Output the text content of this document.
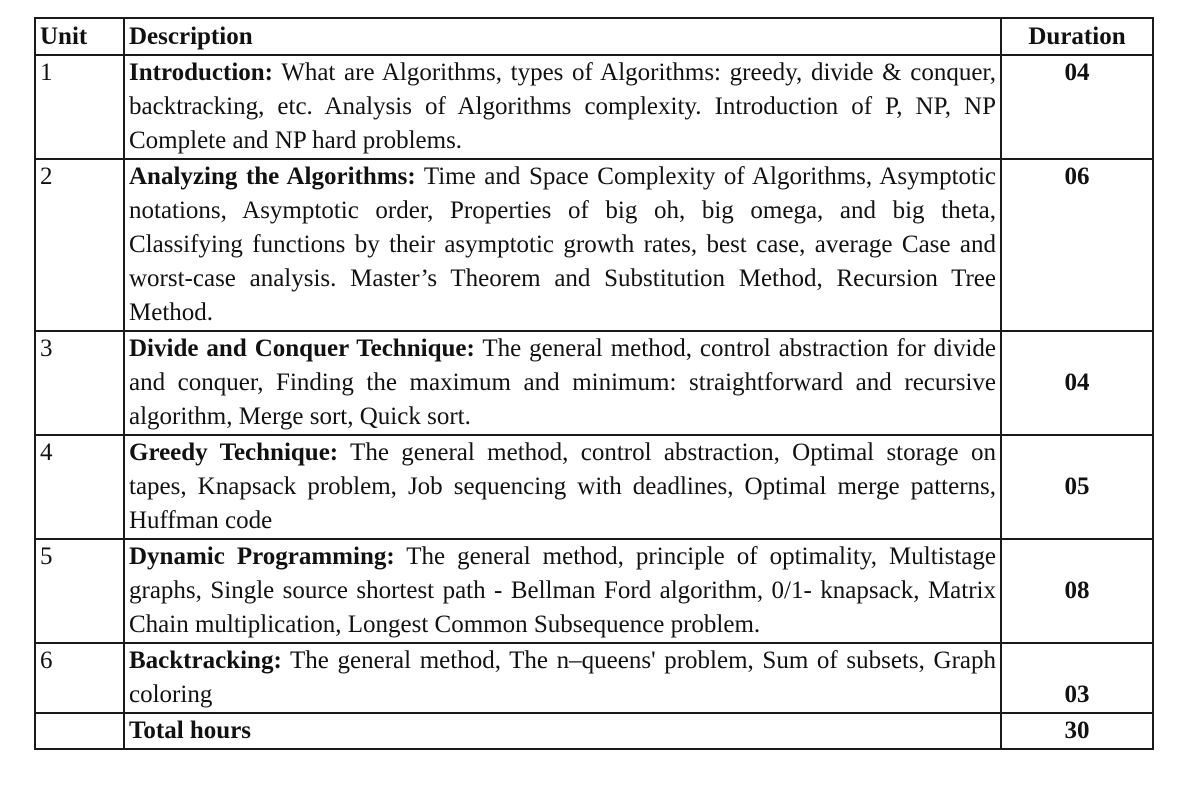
Unit	Description	Duration
1	Introduction: What are Algorithms, types of Algorithms: greedy, divide & conquer, backtracking, etc. Analysis of Algorithms complexity. Introduction of P, NP, NP Complete and NP hard problems.	04
2	Analyzing the Algorithms: Time and Space Complexity of Algorithms, Asymptotic notations, Asymptotic order, Properties of big oh, big omega, and big theta, Classifying functions by their asymptotic growth rates, best case, average Case and worst-case analysis. Master’s Theorem and Substitution Method, Recursion Tree Method.	06
3	Divide and Conquer Technique: The general method, control abstraction for divide and conquer, Finding the maximum and minimum: straightforward and recursive algorithm, Merge sort, Quick sort.	04
4	Greedy Technique: The general method, control abstraction, Optimal storage on tapes, Knapsack problem, Job sequencing with deadlines, Optimal merge patterns, Huffman code	05
5	Dynamic Programming: The general method, principle of optimality, Multistage graphs, Single source shortest path - Bellman Ford algorithm, 0/1- knapsack, Matrix Chain multiplication, Longest Common Subsequence problem.	08
6	Backtracking: The general method, The n–queens' problem, Sum of subsets, Graph coloring	03
	Total hours	30
